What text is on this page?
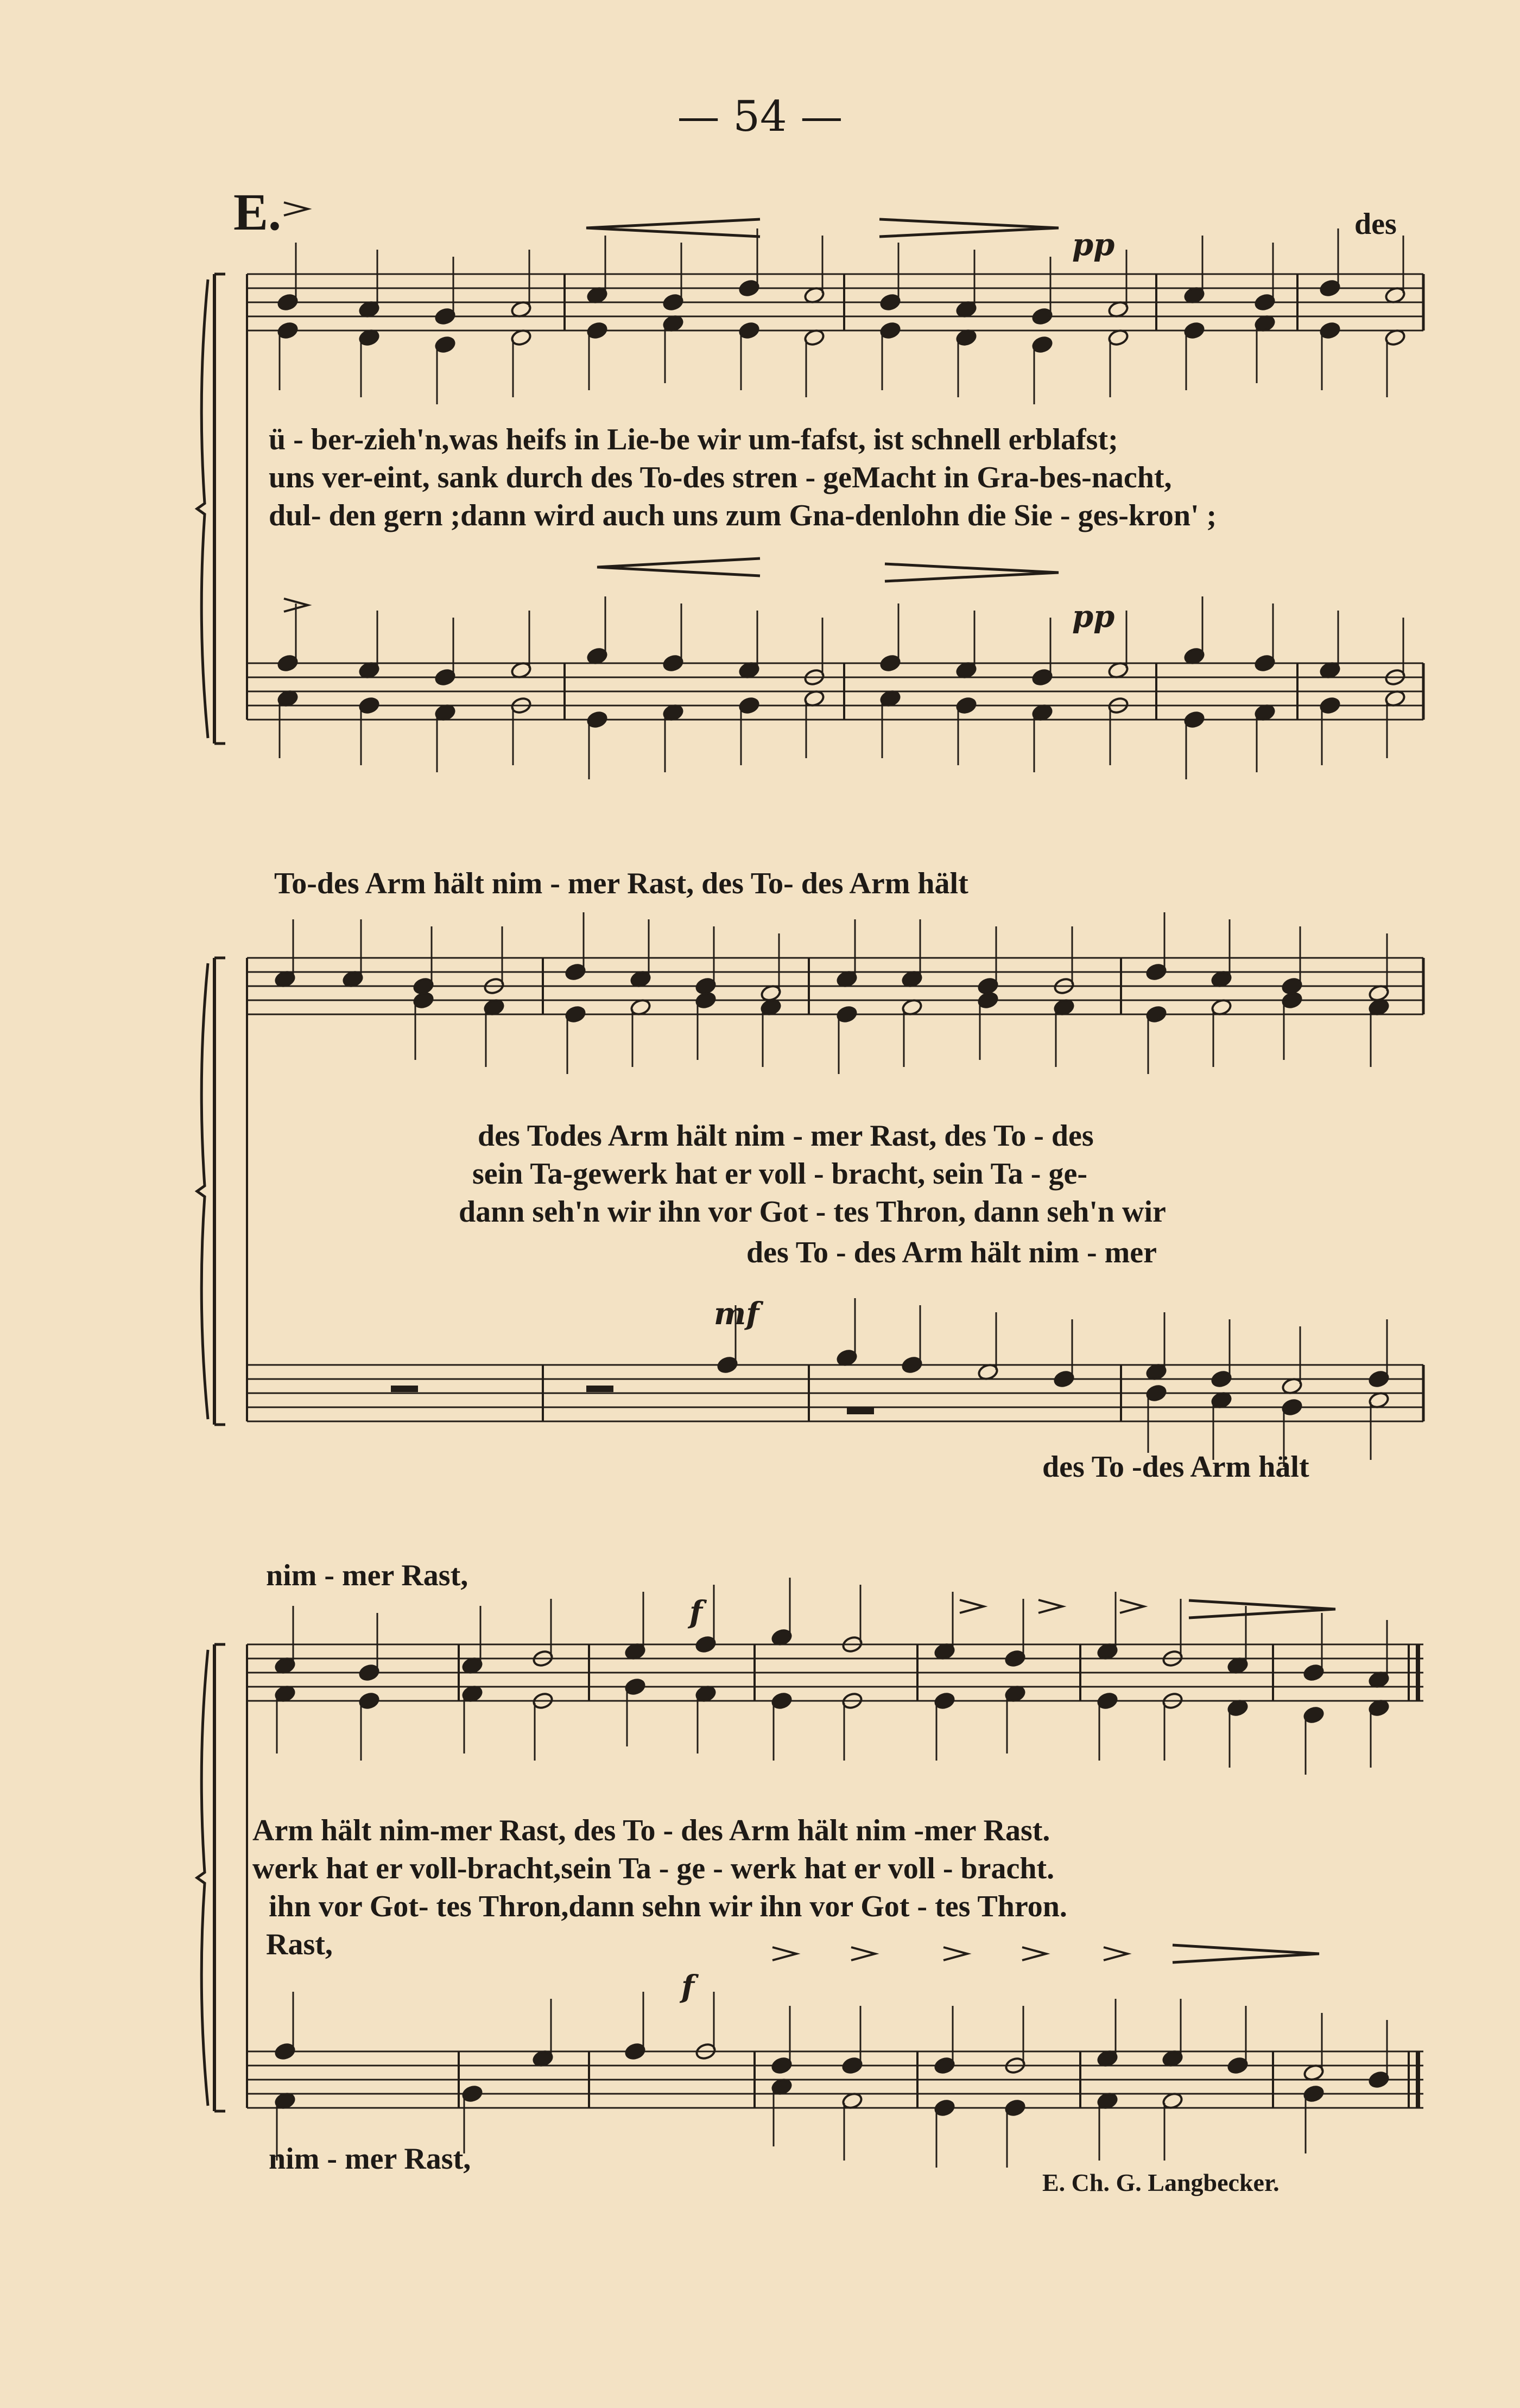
— 54 —
E.	des
ü - ber-zieh'n,was heifs in Lie-be wir um-fafst, ist schnell erblafst;
uns ver-eint, sank durch des To-des stren - geMacht in Gra-bes-nacht,
dul- den gern ;dann wird auch uns zum Gna-denlohn die Sie - ges-kron' ;
To-des Arm hält nim - mer Rast, des To- des Arm hält
des Todes Arm hält nim - mer Rast, des To - des
sein Ta-gewerk hat er voll - bracht, sein Ta - ge-
dann seh'n wir ihn vor Got - tes Thron, dann seh'n wir
des To - des Arm hält nim - mer
des To -des Arm hält
nim - mer Rast,
Arm hält nim-mer Rast, des To - des Arm hält nim -mer Rast.
werk hat er voll-bracht,sein Ta - ge - werk hat er voll - bracht.
ihn vor Got- tes Thron,dann sehn wir ihn vor Got - tes Thron.
Rast,
nim - mer Rast,
E. Ch. G. Langbecker.
pp
pp
mf
f
f
